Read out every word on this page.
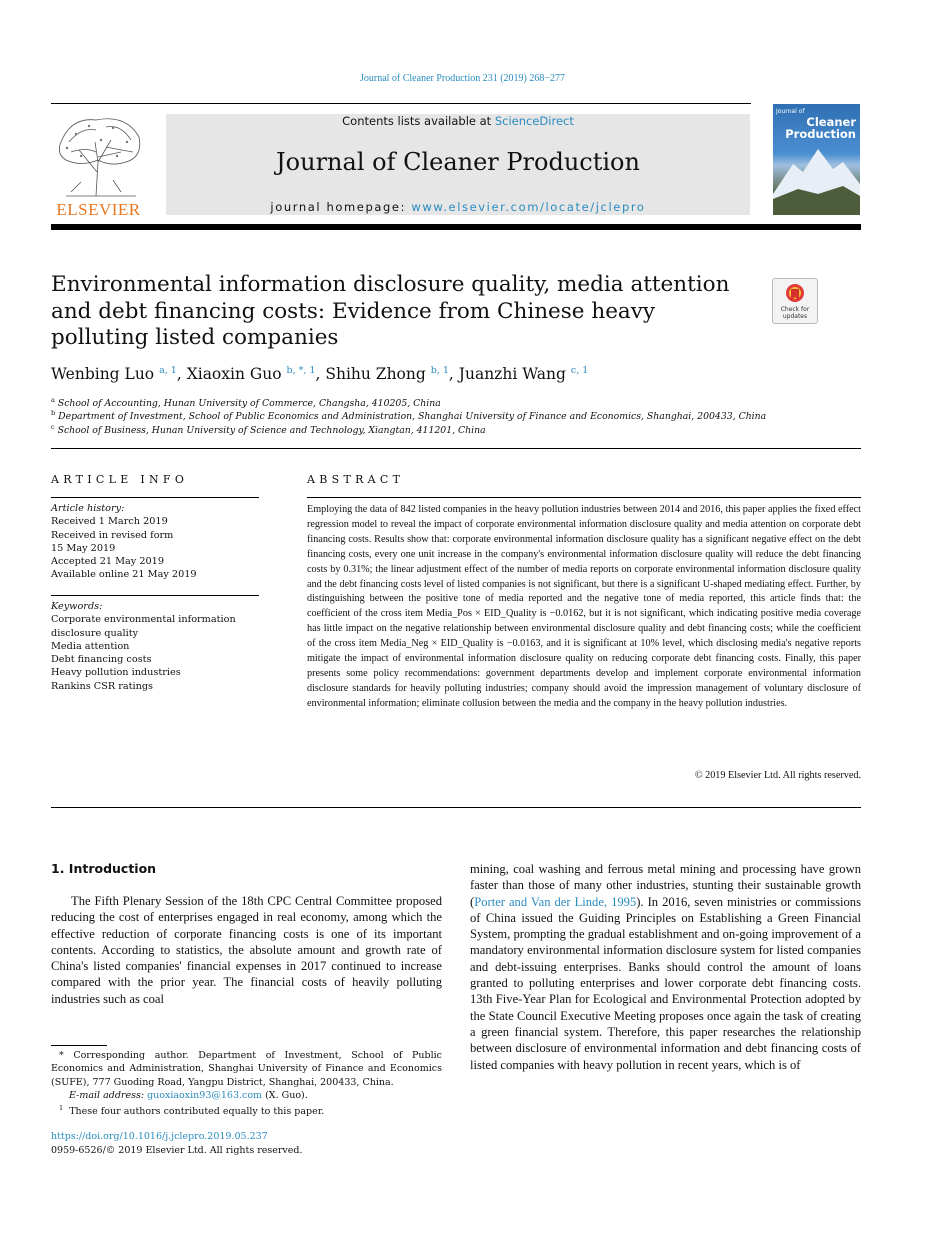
Journal of Cleaner Production 231 (2019) 268−277
ELSEVIER
Contents lists available at ScienceDirect
Journal of Cleaner Production
journal homepage: www.elsevier.com/locate/jclepro
Journal of
Cleaner
Production
Environmental information disclosure quality, media attention and debt financing costs: Evidence from Chinese heavy polluting listed companies
Check for updates
Wenbing Luo $^{a, 1}$, Xiaoxin Guo $^{b, *, 1}$, Shihu Zhong $^{b, 1}$, Juanzhi Wang $^{c, 1}$
$^a$ School of Accounting, Hunan University of Commerce, Changsha, 410205, China
$^b$ Department of Investment, School of Public Economics and Administration, Shanghai University of Finance and Economics, Shanghai, 200433, China
$^c$ School of Business, Hunan University of Science and Technology, Xiangtan, 411201, China
ARTICLE INFO	ABSTRACT
Article history:
Received 1 March 2019
Received in revised form
15 May 2019
Accepted 21 May 2019
Available online 21 May 2019
Keywords:
Corporate environmental information
disclosure quality
Media attention
Debt financing costs
Heavy pollution industries
Rankins CSR ratings
Employing the data of 842 listed companies in the heavy pollution industries between 2014 and 2016, this paper applies the fixed effect regression model to reveal the impact of corporate environmental information disclosure quality and media attention on corporate debt financing costs. Results show that: corporate environmental information disclosure quality has a significant negative effect on the debt financing costs, every one unit increase in the company's environmental information disclosure quality will reduce the debt financing costs by 0.31%; the linear adjustment effect of the number of media reports on corporate environmental information disclosure quality and the debt financing costs level of listed companies is not significant, but there is a significant U-shaped mediating effect. Further, by distinguishing between the positive tone of media reported and the negative tone of media reported, this article finds that: the coefficient of the cross item Media_Pos × EID_Quality is −0.0162, but it is not significant, which indicating positive media coverage has little impact on the negative relationship between environmental disclosure quality and debt financing costs; while the coefficient of the cross item Media_Neg × EID_Quality is −0.0163, and it is significant at 10% level, which disclosing media's negative reports mitigate the impact of environmental information disclosure quality on reducing corporate debt financing costs. Finally, this paper presents some policy recommendations: government departments develop and implement corporate environmental information disclosure standards for heavily polluting industries; company should avoid the impression management of voluntary disclosure of environmental information; eliminate collusion between the media and the company in the heavy pollution industries.
© 2019 Elsevier Ltd. All rights reserved.
1. Introduction
The Fifth Plenary Session of the 18th CPC Central Committee proposed reducing the cost of enterprises engaged in real economy, among which the effective reduction of corporate financing costs is one of its important contents. According to statistics, the absolute amount and growth rate of China's listed companies' financial expenses in 2017 continued to increase compared with the prior year. The financial costs of heavily polluting industries such as coal
mining, coal washing and ferrous metal mining and processing have grown faster than those of many other industries, stunting their sustainable growth (Porter and Van der Linde, 1995). In 2016, seven ministries or commissions of China issued the Guiding Principles on Establishing a Green Financial System, prompting the gradual establishment and on-going improvement of a mandatory environmental information disclosure system for listed companies and debt-issuing enterprises. Banks should control the amount of loans granted to polluting enterprises and lower corporate debt financing costs. 13th Five-Year Plan for Ecological and Environmental Protection adopted by the State Council Executive Meeting proposes once again the task of creating a green financial system. Therefore, this paper researches the relationship between disclosure of environmental information and debt financing costs of listed companies with heavy pollution in recent years, which is of
* Corresponding author. Department of Investment, School of Public Economics and Administration, Shanghai University of Finance and Economics (SUFE), 777 Guoding Road, Yangpu District, Shanghai, 200433, China.
E-mail address: guoxiaoxin93@163.com (X. Guo).
$^1$ These four authors contributed equally to this paper.
https://doi.org/10.1016/j.jclepro.2019.05.237
0959-6526/© 2019 Elsevier Ltd. All rights reserved.
